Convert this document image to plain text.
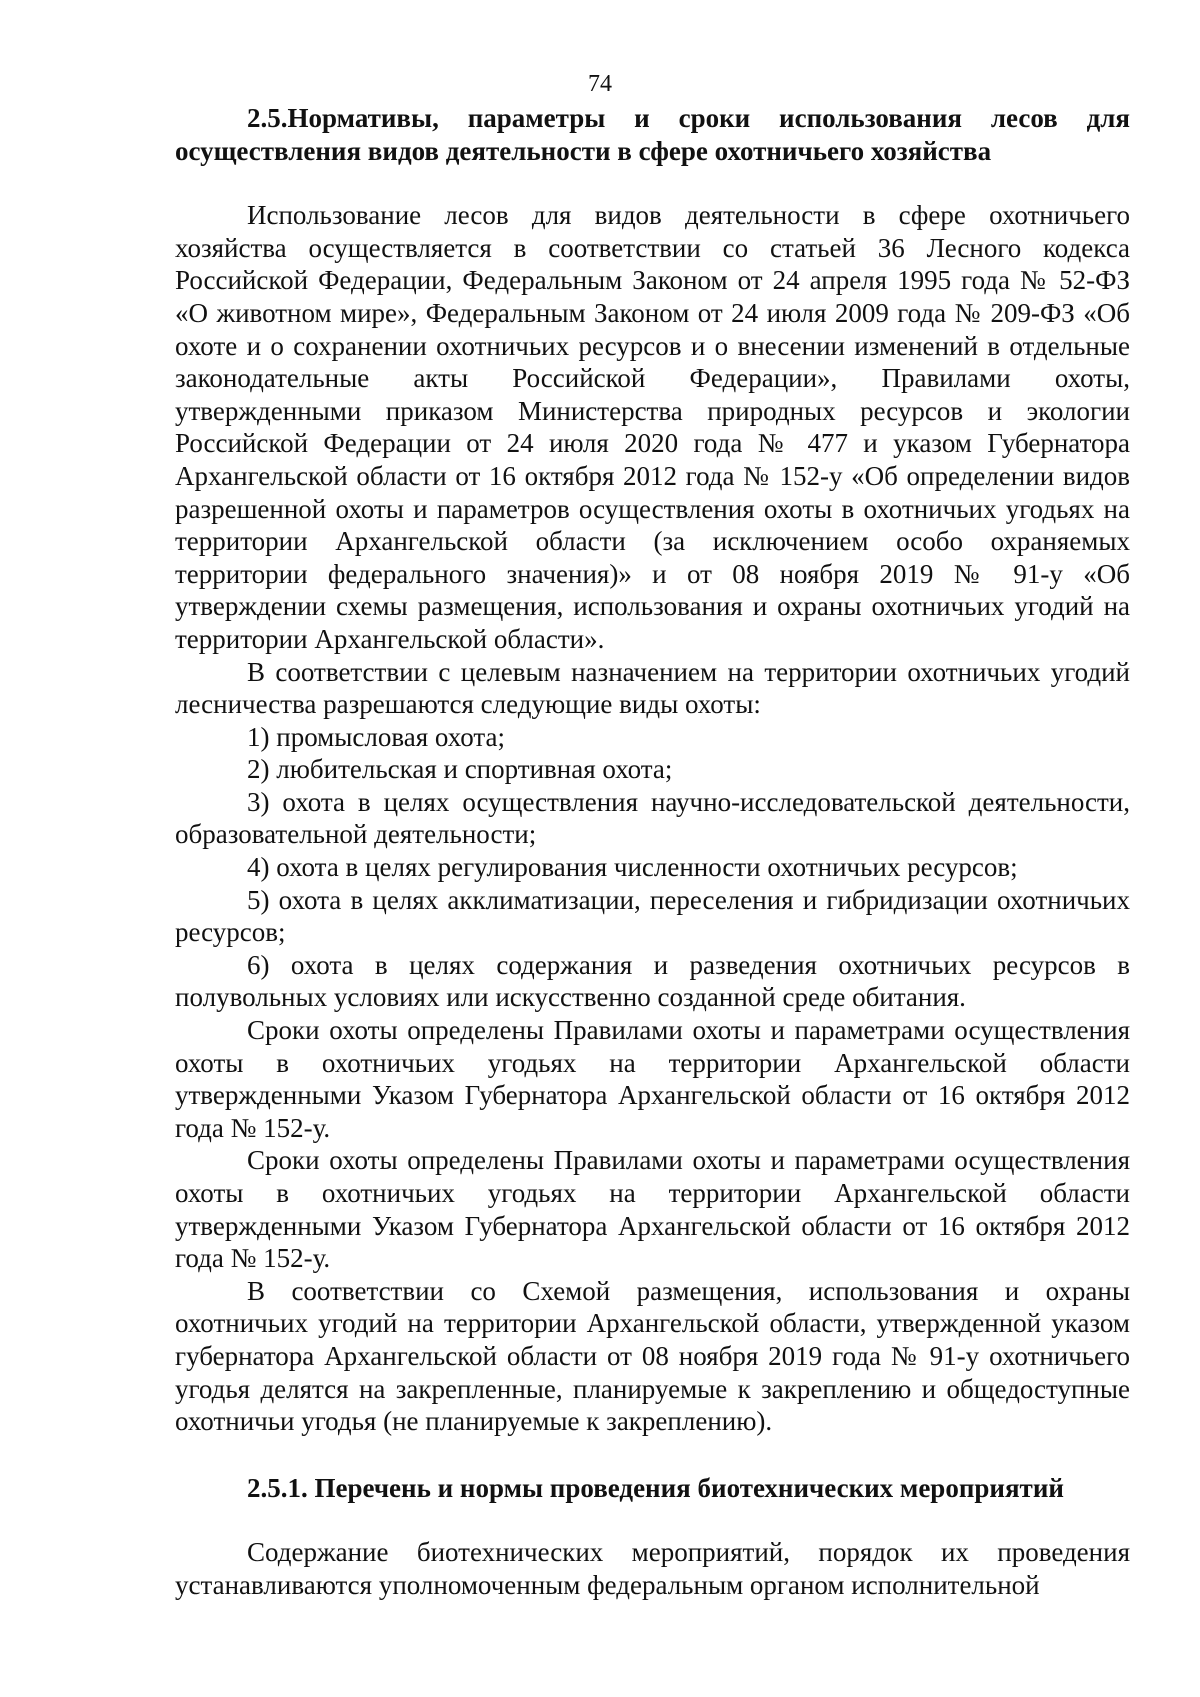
74
2.5.Нормативы, параметры и сроки использования лесов для осуществления видов деятельности в сфере охотничьего хозяйства

Использование лесов для видов деятельности в сфере охотничьего хозяйства осуществляется в соответствии со статьей 36 Лесного кодекса Российской Федерации, Федеральным Законом от 24 апреля 1995 года № 52-ФЗ «О животном мире», Федеральным Законом от 24 июля 2009 года № 209-ФЗ «Об охоте и о сохранении охотничьих ресурсов и о внесении изменений в отдельные законодательные акты Российской Федерации», Правилами охоты, утвержденными приказом Министерства природных ресурсов и экологии Российской Федерации от 24 июля 2020 года № 477 и указом Губернатора Архангельской области от 16 октября 2012 года № 152-у «Об определении видов разрешенной охоты и параметров осуществления охоты в охотничьих угодьях на территории Архангельской области (за исключением особо охраняемых территории федерального значения)» и от 08 ноября 2019 № 91-у «Об утверждении схемы размещения, использования и охраны охотничьих угодий на территории Архангельской области».

В соответствии с целевым назначением на территории охотничьих угодий лесничества разрешаются следующие виды охоты:

1) промысловая охота;

2) любительская и спортивная охота;

3) охота в целях осуществления научно-исследовательской деятельности, образовательной деятельности;

4) охота в целях регулирования численности охотничьих ресурсов;

5) охота в целях акклиматизации, переселения и гибридизации охотничьих ресурсов;

6) охота в целях содержания и разведения охотничьих ресурсов в полувольных условиях или искусственно созданной среде обитания.

Сроки охоты определены Правилами охоты и параметрами осуществления охоты в охотничьих угодьях на территории Архангельской области утвержденными Указом Губернатора Архангельской области от 16 октября 2012 года № 152-у.

Сроки охоты определены Правилами охоты и параметрами осуществления охоты в охотничьих угодьях на территории Архангельской области утвержденными Указом Губернатора Архангельской области от 16 октября 2012 года № 152-у.

В соответствии со Схемой размещения, использования и охраны охотничьих угодий на территории Архангельской области, утвержденной указом губернатора Архангельской области от 08 ноября 2019 года № 91-у охотничьего угодья делятся на закрепленные, планируемые к закреплению и общедоступные охотничьи угодья (не планируемые к закреплению).

2.5.1. Перечень и нормы проведения биотехнических мероприятий

Содержание биотехнических мероприятий, порядок их проведения устанавливаются уполномоченным федеральным органом исполнительной
